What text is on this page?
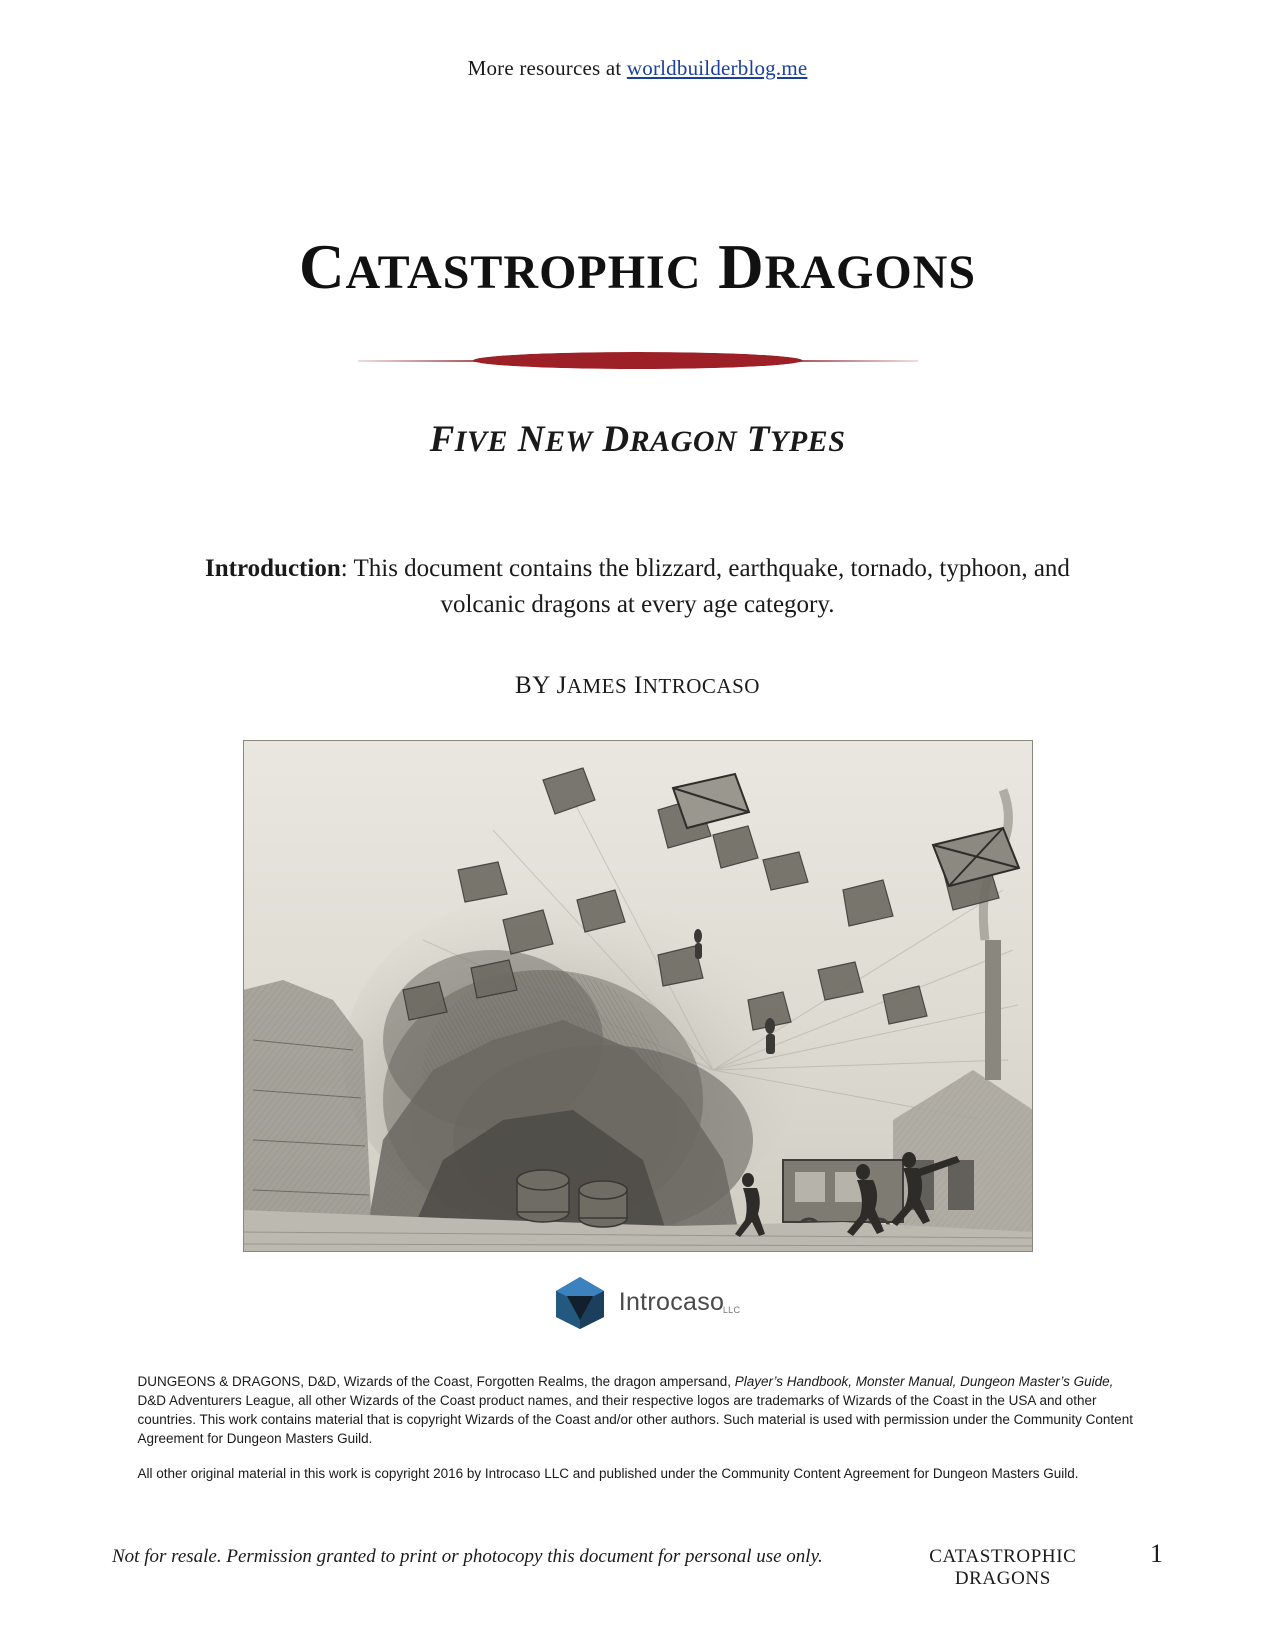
More resources at worldbuilderblog.me
CATASTROPHIC DRAGONS
FIVE NEW DRAGON TYPES
Introduction: This document contains the blizzard, earthquake, tornado, typhoon, and volcanic dragons at every age category.
BY JAMES INTROCASO
Introcaso
LLC

DUNGEONS & DRAGONS, D&D, Wizards of the Coast, Forgotten Realms, the dragon ampersand, Player’s Handbook, Monster Manual, Dungeon Master’s Guide, D&D Adventurers League, all other Wizards of the Coast product names, and their respective logos are trademarks of Wizards of the Coast in the USA and other countries. This work contains material that is copyright Wizards of the Coast and/or other authors. Such material is used with permission under the Community Content Agreement for Dungeon Masters Guild.

All other original material in this work is copyright 2016 by Introcaso LLC and published under the Community Content Agreement for Dungeon Masters Guild.

Not for resale. Permission granted to print or photocopy this document for personal use only.	CATASTROPHIC DRAGONS
1
